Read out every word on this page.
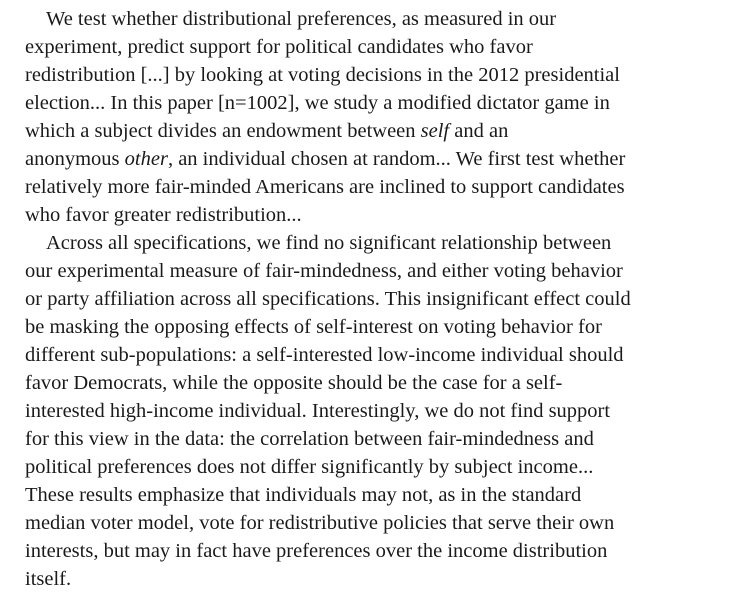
We test whether distributional preferences, as measured in our
experiment, predict support for political candidates who favor
redistribution [...] by looking at voting decisions in the 2012 presidential
election... In this paper [n=1002], we study a modified dictator game in
which a subject divides an endowment between self and an
anonymous other, an individual chosen at random... We first test whether
relatively more fair-minded Americans are inclined to support candidates
who favor greater redistribution...
Across all specifications, we find no significant relationship between
our experimental measure of fair-mindedness, and either voting behavior
or party affiliation across all specifications. This insignificant effect could
be masking the opposing effects of self-interest on voting behavior for
different sub-populations: a self-interested low-income individual should
favor Democrats, while the opposite should be the case for a self-
interested high-income individual. Interestingly, we do not find support
for this view in the data: the correlation between fair-mindedness and
political preferences does not differ significantly by subject income...
These results emphasize that individuals may not, as in the standard
median voter model, vote for redistributive policies that serve their own
interests, but may in fact have preferences over the income distribution
itself.
